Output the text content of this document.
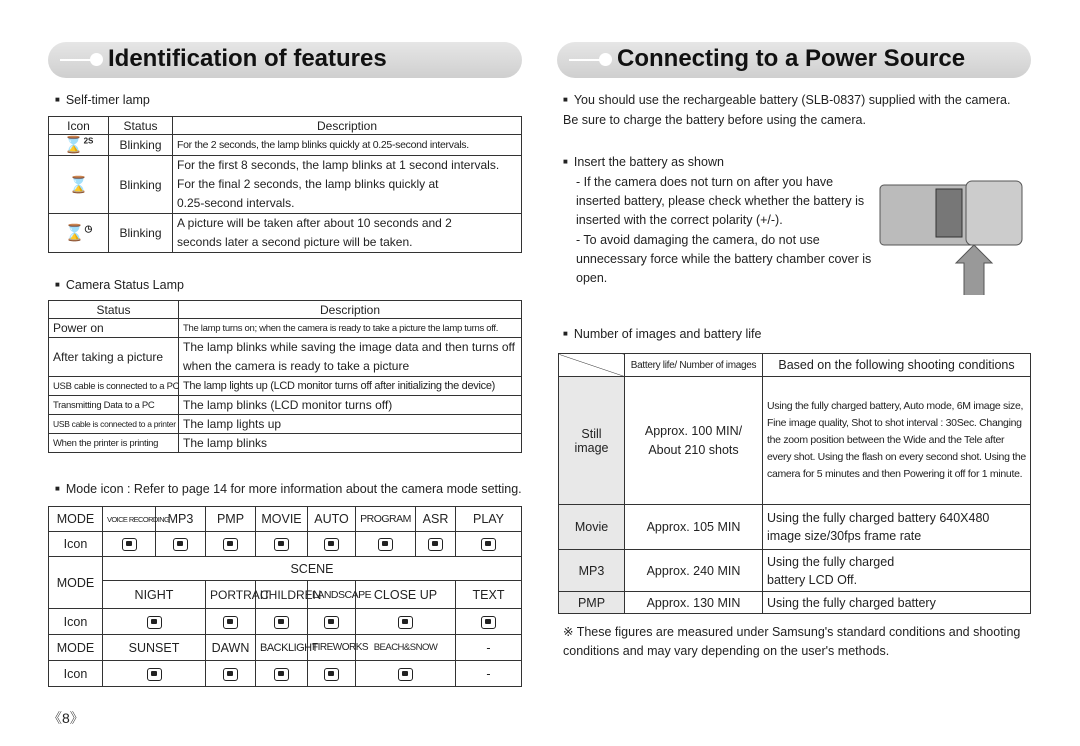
Identification of features	Connecting to a Power Source
■ Self-timer lamp
Icon	Status	Description
⌛$^{2S}$	Blinking	For the 2 seconds, the lamp blinks quickly at 0.25-second intervals.
⌛	Blinking	For the first 8 seconds, the lamp blinks at 1 second intervals.
For the final 2 seconds, the lamp blinks quickly at
0.25-second intervals.

⌛◷	Blinking	A picture will be taken after about 10 seconds and 2
seconds later a second picture will be taken.
■ Camera Status Lamp
Status	Description
Power on	The lamp turns on; when the camera is ready to take a picture the lamp turns off.
After taking a picture	The lamp blinks while saving the image data and then turns off when the camera is ready to take a picture
USB cable is connected to a PC	The lamp lights up (LCD monitor turns off after initializing the device)
Transmitting Data to a PC	The lamp blinks (LCD monitor turns off)
USB cable is connected to a printer	The lamp lights up
When the printer is printing	The lamp blinks
■ Mode icon : Refer to page 14 for more information about the camera mode setting.
MODE	VOICE RECORDING	MP3	PMP	MOVIE	AUTO	PROGRAM	ASR	PLAY
Icon								
MODE	SCENE							
	NIGHT		PORTRAIT	CHILDREN	LANDSCAPE	CLOSE UP		TEXT
Icon								
MODE	SUNSET		DAWN	BACKLIGHT	FIREWORKS	BEACH&SNOW		-
Icon								-
《8》
■ You should use the rechargeable battery (SLB-0837) supplied with the camera. Be sure to charge the battery before using the camera.
■ Insert the battery as shown
- If the camera does not turn on after you have inserted battery, please check whether the battery is inserted with the correct polarity (+/-).
- To avoid damaging the camera, do not use unnecessary force while the battery chamber cover is open.
■ Number of images and battery life
	Battery life/ Number of images	Based on the following shooting conditions
Still image	Approx. 100 MIN/ About 210 shots	Using the fully charged battery, Auto mode, 6M image size, Fine image quality, Shot to shot interval : 30Sec. Changing the zoom position between the Wide and the Tele after every shot. Using the flash on every second shot. Using the camera for 5 minutes and then Powering it off for 1 minute.
Movie	Approx. 105 MIN	Using the fully charged battery 640X480 image size/30fps frame rate
MP3	Approx. 240 MIN	Using the fully charged battery LCD Off.
PMP	Approx. 130 MIN	Using the fully charged battery
※ These figures are measured under Samsung's standard conditions and shooting conditions and may vary depending on the user's methods.
